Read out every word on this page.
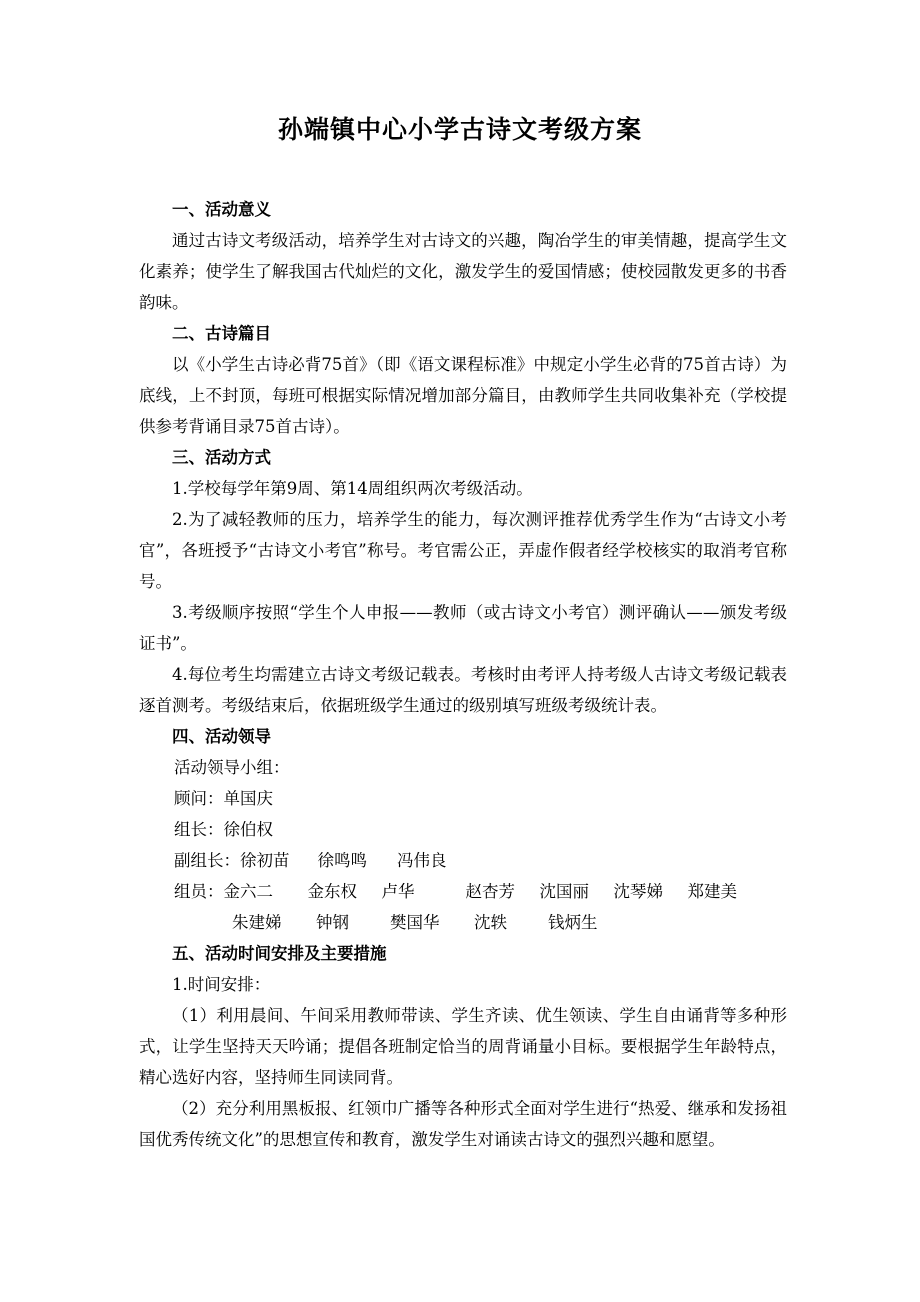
孙端镇中心小学古诗文考级方案

一、活动意义

通过古诗文考级活动，培养学生对古诗文的兴趣，陶冶学生的审美情趣，提高学生文化素养；使学生了解我国古代灿烂的文化，激发学生的爱国情感；使校园散发更多的书香韵味。

二、古诗篇目

以《小学生古诗必背75首》（即《语文课程标准》中规定小学生必背的75首古诗）为底线，上不封顶，每班可根据实际情况增加部分篇目，由教师学生共同收集补充（学校提供参考背诵目录75首古诗）。

三、活动方式

1.学校每学年第9周、第14周组织两次考级活动。

2.为了减轻教师的压力，培养学生的能力，每次测评推荐优秀学生作为“古诗文小考官”，各班授予“古诗文小考官”称号。考官需公正，弄虚作假者经学校核实的取消考官称号。

3.考级顺序按照“学生个人申报——教师（或古诗文小考官）测评确认——颁发考级证书”。

4.每位考生均需建立古诗文考级记载表。考核时由考评人持考级人古诗文考级记载表逐首测考。考级结束后，依据班级学生通过的级别填写班级考级统计表。

四、活动领导

活动领导小组：

顾问：单国庆

组长：徐伯权

副组长：徐初苗 徐鸣鸣 冯伟良

组员：金六二 金东权 卢华	赵杏芳 沈国丽 沈琴娣 郑建美

朱建娣 钟钢 樊国华 沈轶 钱炳生

五、活动时间安排及主要措施

1.时间安排：

（1）利用晨间、午间采用教师带读、学生齐读、优生领读、学生自由诵背等多种形式，让学生坚持天天吟诵；提倡各班制定恰当的周背诵量小目标。要根据学生年龄特点，精心选好内容，坚持师生同读同背。

（2）充分利用黑板报、红领巾广播等各种形式全面对学生进行“热爱、继承和发扬祖国优秀传统文化”的思想宣传和教育，激发学生对诵读古诗文的强烈兴趣和愿望。
